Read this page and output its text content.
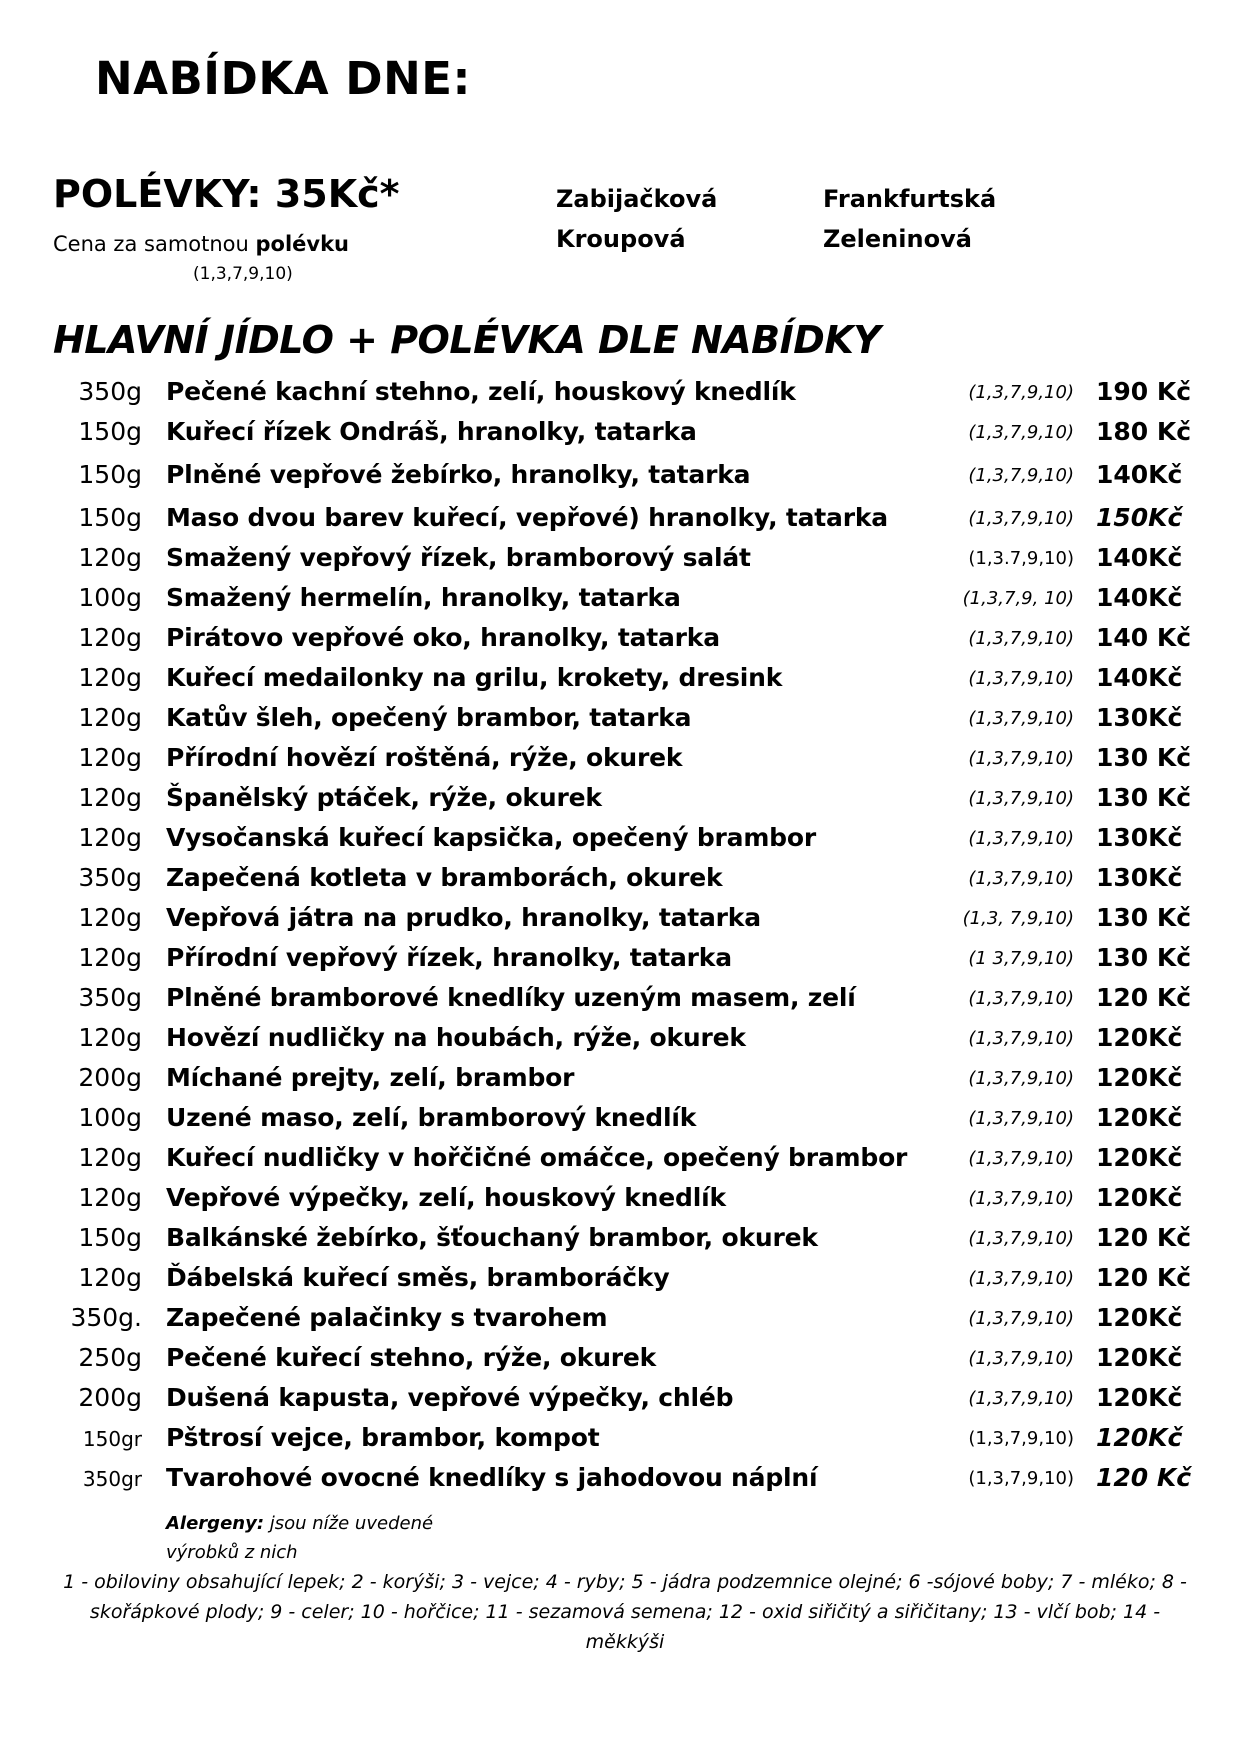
NABÍDKA DNE:
POLÉVKY: 35Kč*
Cena za samotnou polévku
(1,3,7,9,10)
Zabijačková	Frankfurtská
Kroupová	Zeleninová
HLAVNÍ JÍDLO + POLÉVKA DLE NABÍDKY
350g Pečené kachní stehno, zelí, houskový knedlík	(1,3,7,9,10) 190 Kč
150g Kuřecí řízek Ondráš, hranolky, tatarka	(1,3,7,9,10) 180 Kč
150g Plněné vepřové žebírko, hranolky, tatarka	(1,3,7,9,10) 140Kč
150g Maso dvou barev kuřecí, vepřové) hranolky, tatarka	(1,3,7,9,10) 150Kč
120g Smažený vepřový řízek, bramborový salát	(1,3.7,9,10) 140Kč
100g Smažený hermelín, hranolky, tatarka	(1,3,7,9, 10) 140Kč
120g Pirátovo vepřové oko, hranolky, tatarka	(1,3,7,9,10) 140 Kč
120g Kuřecí medailonky na grilu, krokety, dresink	(1,3,7,9,10) 140Kč
120g Katův šleh, opečený brambor, tatarka	(1,3,7,9,10) 130Kč
120g Přírodní hovězí roštěná, rýže, okurek	(1,3,7,9,10) 130 Kč
120g Španělský ptáček, rýže, okurek	(1,3,7,9,10) 130 Kč
120g Vysočanská kuřecí kapsička, opečený brambor	(1,3,7,9,10) 130Kč
350g Zapečená kotleta v bramborách, okurek	(1,3,7,9,10) 130Kč
120g Vepřová játra na prudko, hranolky, tatarka	(1,3, 7,9,10) 130 Kč
120g Přírodní vepřový řízek, hranolky, tatarka	(1 3,7,9,10) 130 Kč
350g Plněné bramborové knedlíky uzeným masem, zelí	(1,3,7,9,10) 120 Kč
120g Hovězí nudličky na houbách, rýže, okurek	(1,3,7,9,10) 120Kč
200g Míchané prejty, zelí, brambor	(1,3,7,9,10) 120Kč
100g Uzené maso, zelí, bramborový knedlík	(1,3,7,9,10) 120Kč
120g Kuřecí nudličky v hořčičné omáčce, opečený brambor	(1,3,7,9,10) 120Kč
120g Vepřové výpečky, zelí, houskový knedlík	(1,3,7,9,10) 120Kč
150g Balkánské žebírko, šťouchaný brambor, okurek	(1,3,7,9,10) 120 Kč
120g Ďábelská kuřecí směs, bramboráčky	(1,3,7,9,10) 120 Kč
350g. Zapečené palačinky s tvarohem	(1,3,7,9,10) 120Kč
250g Pečené kuřecí stehno, rýže, okurek	(1,3,7,9,10) 120Kč
200g Dušená kapusta, vepřové výpečky, chléb	(1,3,7,9,10) 120Kč
150gr Pštrosí vejce, brambor, kompot	(1,3,7,9,10) 120Kč
350gr Tvarohové ovocné knedlíky s jahodovou náplní	(1,3,7,9,10) 120 Kč
Alergeny: jsou níže uvedené výrobků z nich
1 - obiloviny obsahující lepek; 2 - korýši; 3 - vejce; 4 - ryby; 5 - jádra podzemnice olejné; 6 -sójové boby; 7 - mléko; 8 - skořápkové plody; 9 - celer; 10 - hořčice; 11 - sezamová semena; 12 - oxid siřičitý a siřičitany; 13 - vlčí bob; 14 - měkkýši
